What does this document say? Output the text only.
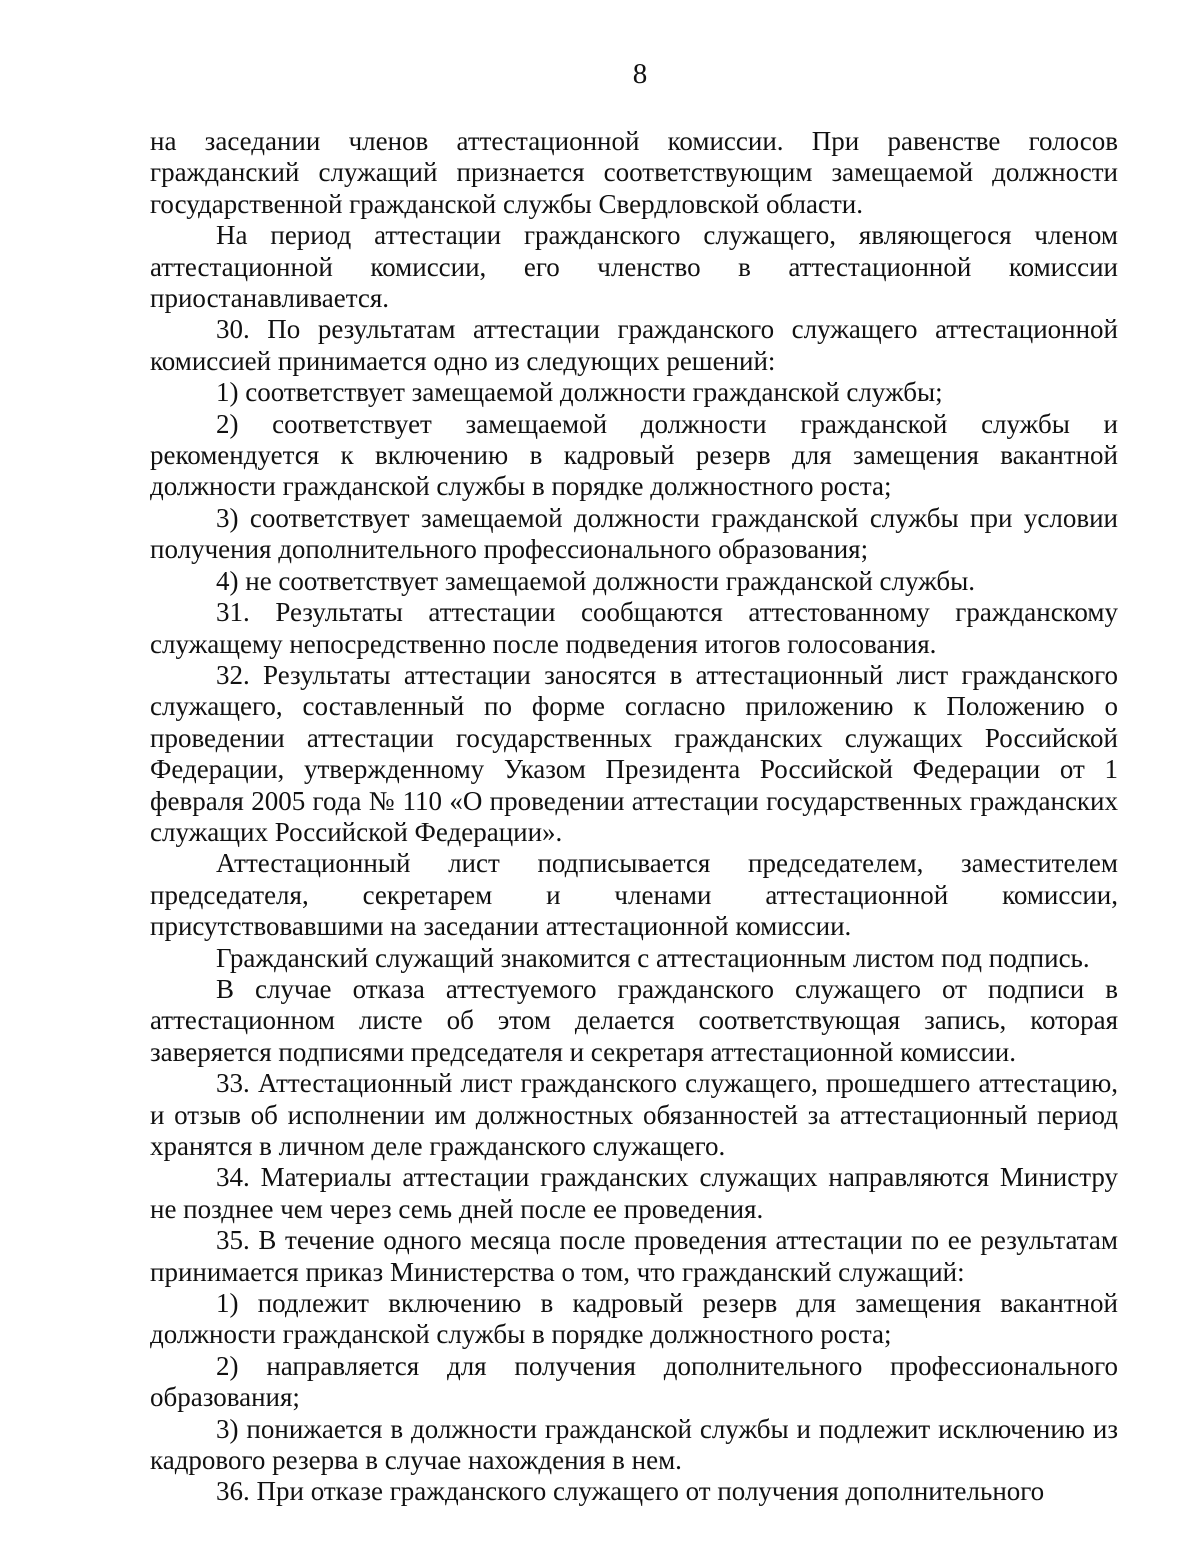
8

на заседании членов аттестационной комиссии. При равенстве голосов гражданский служащий признается соответствующим замещаемой должности государственной гражданской службы Свердловской области.

На период аттестации гражданского служащего, являющегося членом аттестационной комиссии, его членство в аттестационной комиссии приостанавливается.

30. По результатам аттестации гражданского служащего аттестационной комиссией принимается одно из следующих решений:

1) соответствует замещаемой должности гражданской службы;

2) соответствует замещаемой должности гражданской службы и рекомендуется к включению в кадровый резерв для замещения вакантной должности гражданской службы в порядке должностного роста;

3) соответствует замещаемой должности гражданской службы при условии получения дополнительного профессионального образования;

4) не соответствует замещаемой должности гражданской службы.

31. Результаты аттестации сообщаются аттестованному гражданскому служащему непосредственно после подведения итогов голосования.

32. Результаты аттестации заносятся в аттестационный лист гражданского служащего, составленный по форме согласно приложению к Положению о проведении аттестации государственных гражданских служащих Российской Федерации, утвержденному Указом Президента Российской Федерации от 1 февраля 2005 года № 110 «О проведении аттестации государственных гражданских служащих Российской Федерации».

Аттестационный лист подписывается председателем, заместителем председателя, секретарем и членами аттестационной комиссии, присутствовавшими на заседании аттестационной комиссии.

Гражданский служащий знакомится с аттестационным листом под подпись.

В случае отказа аттестуемого гражданского служащего от подписи в аттестационном листе об этом делается соответствующая запись, которая заверяется подписями председателя и секретаря аттестационной комиссии.

33. Аттестационный лист гражданского служащего, прошедшего аттестацию, и отзыв об исполнении им должностных обязанностей за аттестационный период хранятся в личном деле гражданского служащего.

34. Материалы аттестации гражданских служащих направляются Министру не позднее чем через семь дней после ее проведения.

35. В течение одного месяца после проведения аттестации по ее результатам принимается приказ Министерства о том, что гражданский служащий:

1) подлежит включению в кадровый резерв для замещения вакантной должности гражданской службы в порядке должностного роста;

2) направляется для получения дополнительного профессионального образования;

3) понижается в должности гражданской службы и подлежит исключению из кадрового резерва в случае нахождения в нем.

36. При отказе гражданского служащего от получения дополнительного
